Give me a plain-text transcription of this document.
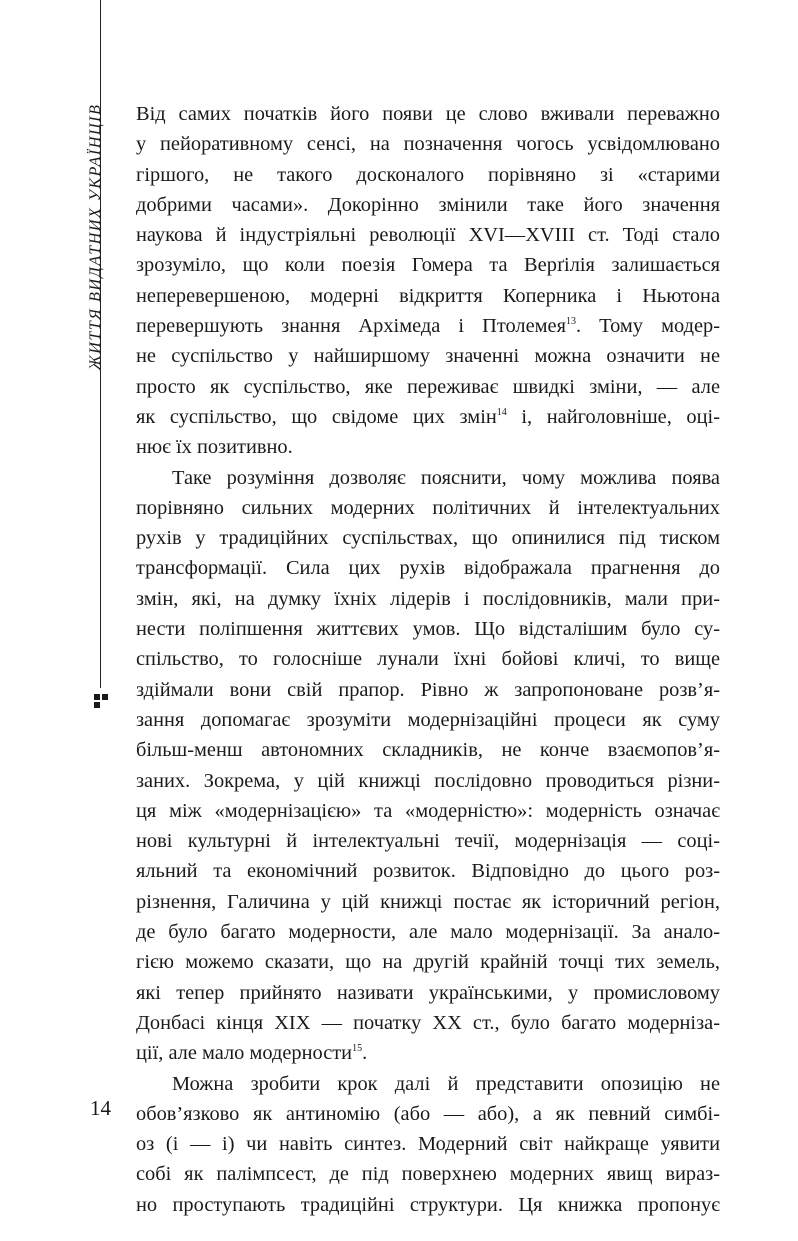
ЖИТТЯ ВИДАТНИХ УКРАЇНЦІВ
14
Від самих початків його появи це слово вживали переважно
у пейоративному сенсі, на позначення чогось усвідомлювано
гіршого, не такого досконалого порівняно зі «старими
добрими часами». Докорінно змінили таке його значення
наукова й індустріяльні революції XVI—XVIII ст. Тоді стало
зрозуміло, що коли поезія Гомера та Верґілія залишається
неперевершеною, модерні відкриття Коперника і Ньютона
перевершують знання Архімеда і Птолемея$^{13}$. Тому модер-
не суспільство у найширшому значенні можна означити не
просто як суспільство, яке переживає швидкі зміни, — але
як суспільство, що свідоме цих змін$^{14}$ і, найголовніше, оці-
нює їх позитивно.
Таке розуміння дозволяє пояснити, чому можлива поява
порівняно сильних модерних політичних й інтелектуальних
рухів у традиційних суспільствах, що опинилися під тиском
трансформації. Сила цих рухів відображала прагнення до
змін, які, на думку їхніх лідерів і послідовників, мали при-
нести поліпшення життєвих умов. Що відсталішим було су-
спільство, то голосніше лунали їхні бойові кличі, то вище
здіймали вони свій прапор. Рівно ж запропоноване розв’я-
зання допомагає зрозуміти модернізаційні процеси як суму
більш-менш автономних складників, не конче взаємопов’я-
заних. Зокрема, у цій книжці послідовно проводиться різни-
ця між «модернізацією» та «модерністю»: модерність означає
нові культурні й інтелектуальні течії, модернізація — соці-
яльний та економічний розвиток. Відповідно до цього роз-
різнення, Галичина у цій книжці постає як історичний регіон,
де було багато модерности, але мало модернізації. За анало-
гією можемо сказати, що на другій крайній точці тих земель,
які тепер прийнято називати українськими, у промисловому
Донбасі кінця XIX — початку XX ст., було багато модерніза-
ції, але мало модерности$^{15}$.
Можна зробити крок далі й представити опозицію не
обов’язково як антиномію (або — або), а як певний симбі-
оз (і — і) чи навіть синтез. Модерний світ найкраще уявити
собі як палімпсест, де під поверхнею модерних явищ вираз-
но проступають традиційні структури. Ця книжка пропонує
